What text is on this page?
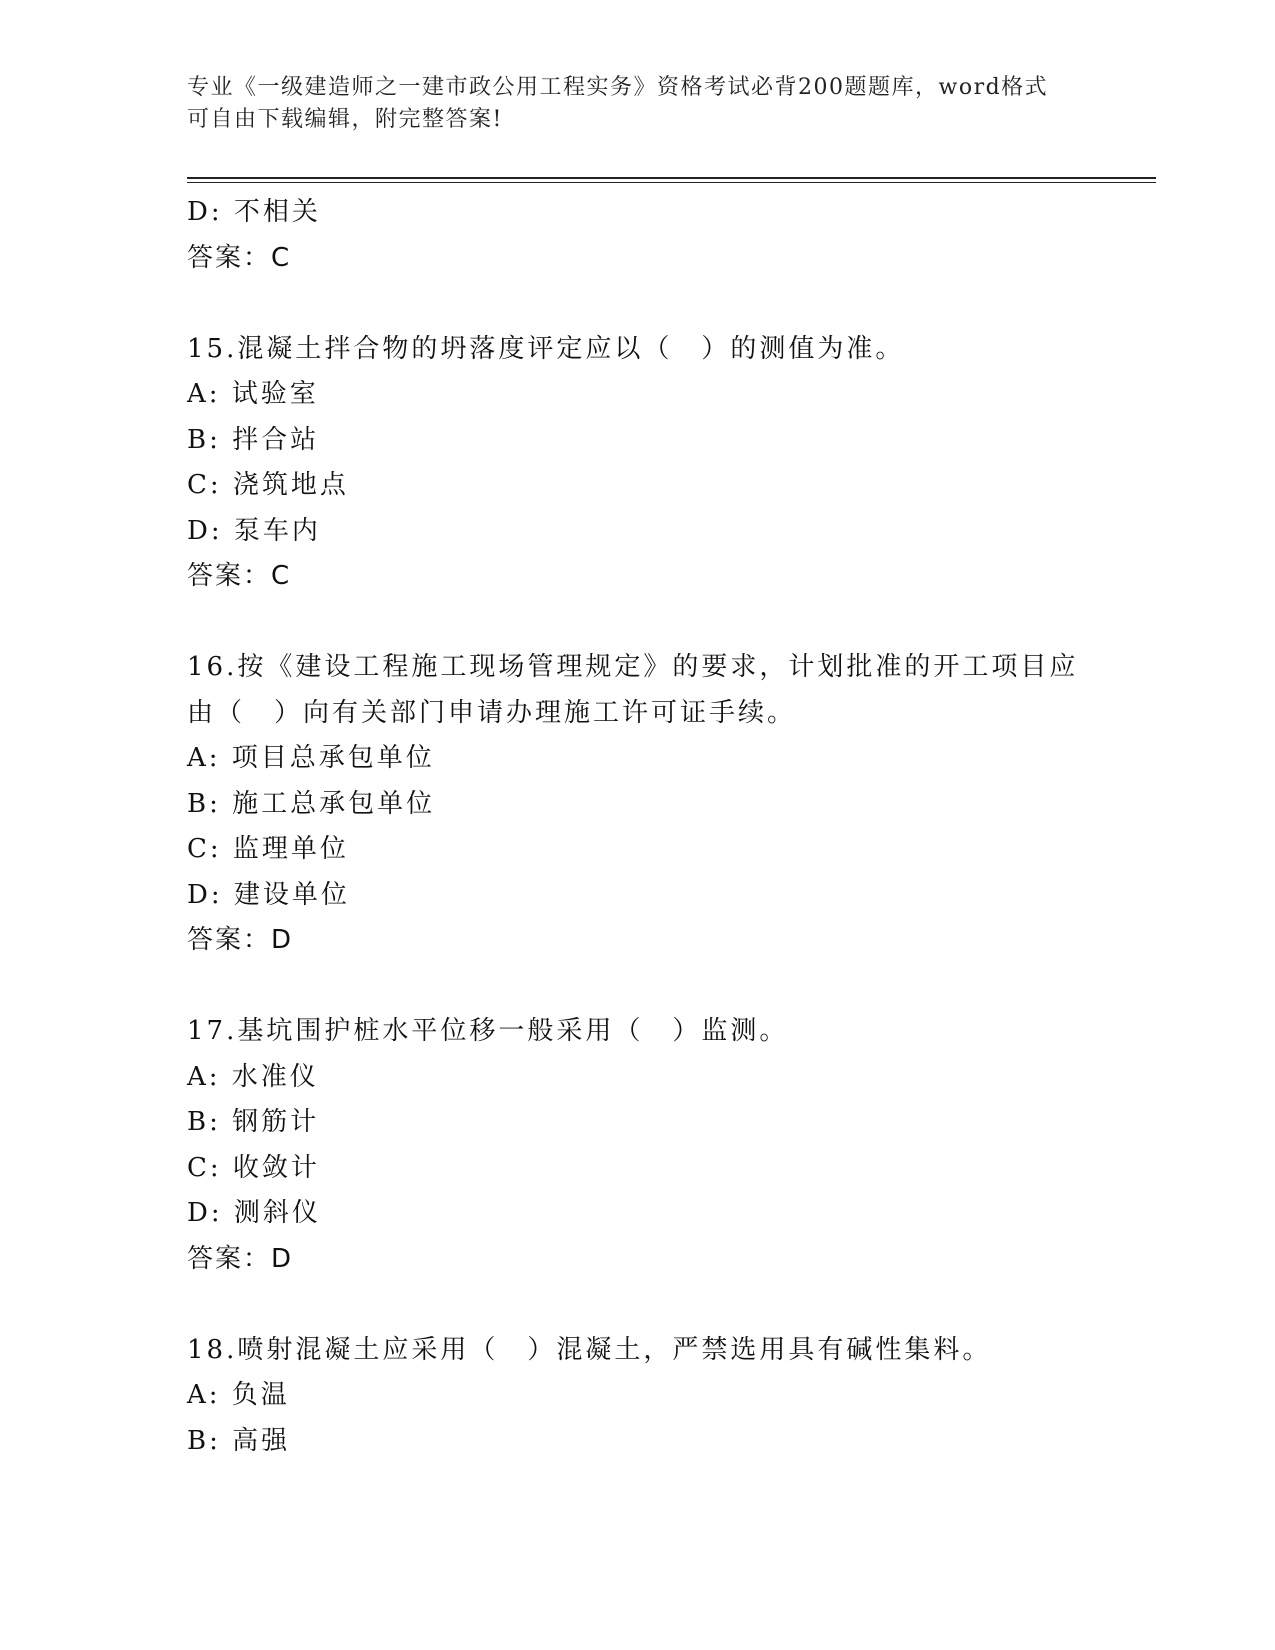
专业《一级建造师之一建市政公用工程实务》资格考试必背200题题库，word格式可自由下载编辑，附完整答案!
D: 不相关
答案：C
15.混凝土拌合物的坍落度评定应以（　）的测值为准。
A: 试验室
B: 拌合站
C: 浇筑地点
D: 泵车内
答案：C
16.按《建设工程施工现场管理规定》的要求，计划批准的开工项目应由（　）向有关部门申请办理施工许可证手续。
A: 项目总承包单位
B: 施工总承包单位
C: 监理单位
D: 建设单位
答案：D
17.基坑围护桩水平位移一般采用（　）监测。
A: 水准仪
B: 钢筋计
C: 收敛计
D: 测斜仪
答案：D
18.喷射混凝土应采用（　）混凝土，严禁选用具有碱性集料。
A: 负温
B: 高强
